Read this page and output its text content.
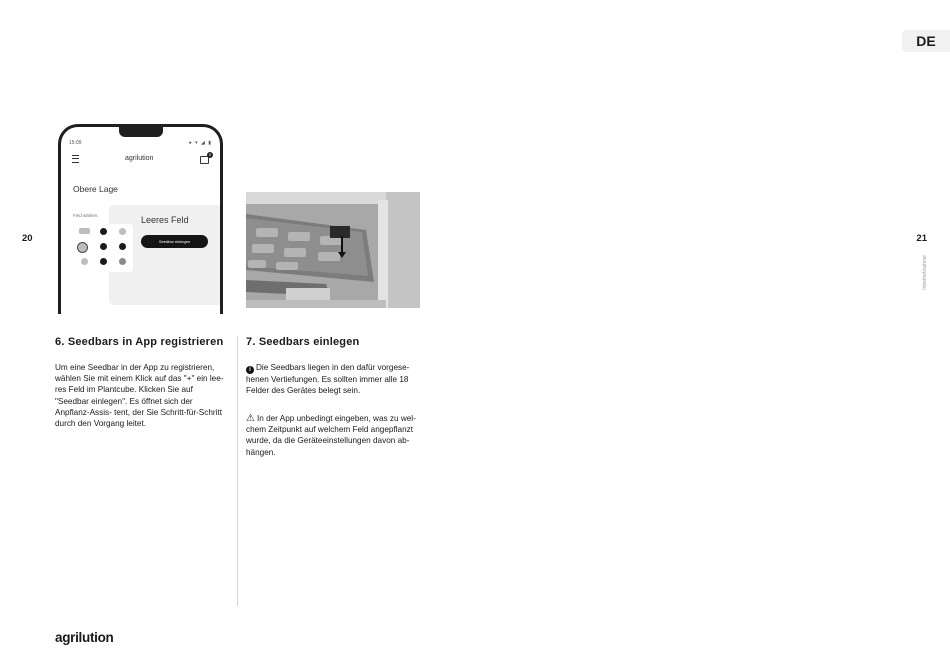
DE
20	21
Inbetriebnahme
15:09	● ▾ ◢ ▮
agrilution
0
Obere Lage
Feld wählen:	Leeres Feld
Seedbar einlegen
6. Seedbars in App registrieren

Um eine Seedbar in der App zu registrieren, wählen Sie mit einem Klick auf das "+" ein lee- res Feld im Plantcube. Klicken Sie auf "Seedbar einlegen". Es öffnet sich der Anpflanz-Assis- tent, der Sie Schritt-für-Schritt durch den Vorgang leitet.

7. Seedbars einlegen

i Die Seedbars liegen in den dafür vorgese- henen Vertiefungen. Es sollten immer alle 18 Felder des Gerätes belegt sein.

⚠ In der App unbedingt eingeben, was zu wel- chem Zeitpunkt auf welchem Feld angepflanzt wurde, da die Geräteeinstellungen davon ab- hängen.

agrilution
